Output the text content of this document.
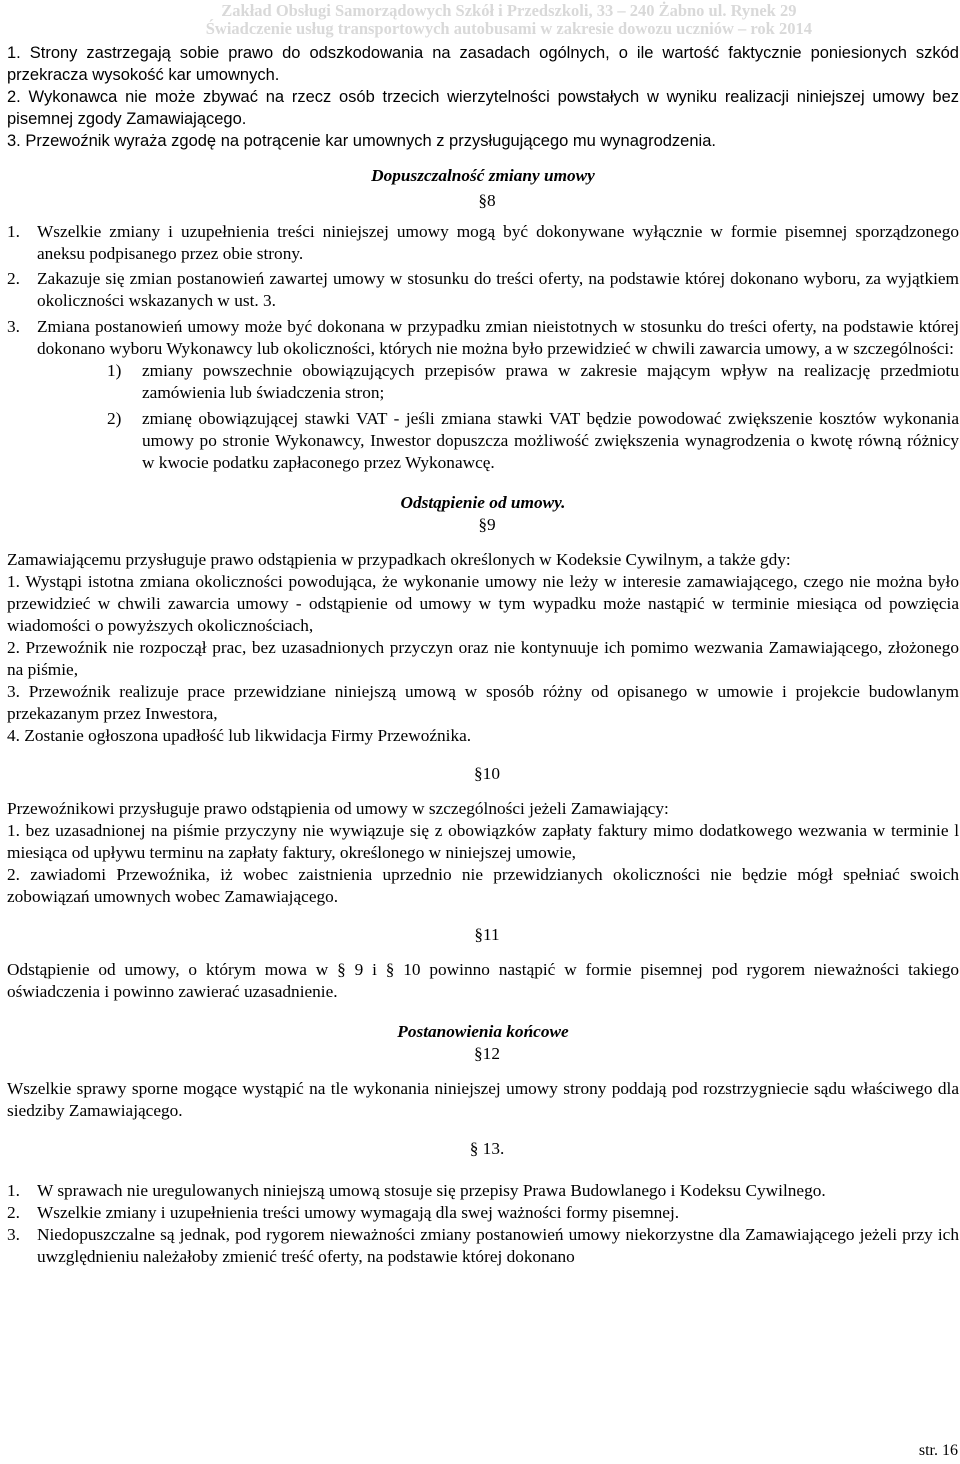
Zakład Obsługi Samorządowych Szkół i Przedszkoli, 33 – 240 Żabno ul. Rynek 29
Świadczenie usług transportowych autobusami w zakresie dowozu uczniów – rok 2014

1. Strony zastrzegają sobie prawo do odszkodowania na zasadach ogólnych, o ile wartość faktycznie poniesionych szkód przekracza wysokość kar umownych.

2. Wykonawca nie może zbywać na rzecz osób trzecich wierzytelności powstałych w wyniku realizacji niniejszej umowy bez pisemnej zgody Zamawiającego.

3. Przewoźnik wyraża zgodę na potrącenie kar umownych z przysługującego mu wynagrodzenia.

Dopuszczalność zmiany umowy
§8
1. Wszelkie zmiany i uzupełnienia treści niniejszej umowy mogą być dokonywane wyłącznie w formie pisemnej sporządzonego aneksu podpisanego przez obie strony.
2. Zakazuje się zmian postanowień zawartej umowy w stosunku do treści oferty, na podstawie której dokonano wyboru, za wyjątkiem okoliczności wskazanych w ust. 3.
3. Zmiana postanowień umowy może być dokonana w przypadku zmian nieistotnych w stosunku do treści oferty, na podstawie której dokonano wyboru Wykonawcy lub okoliczności, których nie można było przewidzieć w chwili zawarcia umowy, a w szczególności:
1)	zmiany powszechnie obowiązujących przepisów prawa w zakresie mającym wpływ na realizację przedmiotu zamówienia lub świadczenia stron;
2)	zmianę obowiązującej stawki VAT - jeśli zmiana stawki VAT będzie powodować zwiększenie kosztów wykonania umowy po stronie Wykonawcy, Inwestor dopuszcza możliwość zwiększenia wynagrodzenia o kwotę równą różnicy w kwocie podatku zapłaconego przez Wykonawcę.
Odstąpienie od umowy.
§9

Zamawiającemu przysługuje prawo odstąpienia w przypadkach określonych w Kodeksie Cywilnym, a także gdy:

1. Wystąpi istotna zmiana okoliczności powodująca, że wykonanie umowy nie leży w interesie zamawiającego, czego nie można było przewidzieć w chwili zawarcia umowy - odstąpienie od umowy w tym wypadku może nastąpić w terminie miesiąca od powzięcia wiadomości o powyższych okolicznościach,

2. Przewoźnik nie rozpoczął prac, bez uzasadnionych przyczyn oraz nie kontynuuje ich pomimo wezwania Zamawiającego, złożonego na piśmie,

3. Przewoźnik realizuje prace przewidziane niniejszą umową w sposób różny od opisanego w umowie i projekcie budowlanym przekazanym przez Inwestora,

4. Zostanie ogłoszona upadłość lub likwidacja Firmy Przewoźnika.

§10

Przewoźnikowi przysługuje prawo odstąpienia od umowy w szczególności jeżeli Zamawiający:

1. bez uzasadnionej na piśmie przyczyny nie wywiązuje się z obowiązków zapłaty faktury mimo dodatkowego wezwania w terminie l miesiąca od upływu terminu na zapłaty faktury, określonego w niniejszej umowie,

2. zawiadomi Przewoźnika, iż wobec zaistnienia uprzednio nie przewidzianych okoliczności nie będzie mógł spełniać swoich zobowiązań umownych wobec Zamawiającego.

§11

Odstąpienie od umowy, o którym mowa w § 9 i § 10 powinno nastąpić w formie pisemnej pod rygorem nieważności takiego oświadczenia i powinno zawierać uzasadnienie.

Postanowienia końcowe
§12

Wszelkie sprawy sporne mogące wystąpić na tle wykonania niniejszej umowy strony poddają pod rozstrzygniecie sądu właściwego dla siedziby Zamawiającego.

§ 13.
1. W sprawach nie uregulowanych niniejszą umową stosuje się przepisy Prawa Budowlanego i Kodeksu Cywilnego.
2. Wszelkie zmiany i uzupełnienia treści umowy wymagają dla swej ważności formy pisemnej.
3. Niedopuszczalne są jednak, pod rygorem nieważności zmiany postanowień umowy niekorzystne dla Zamawiającego jeżeli przy ich uwzględnieniu należałoby zmienić treść oferty, na podstawie której dokonano
str. 16
